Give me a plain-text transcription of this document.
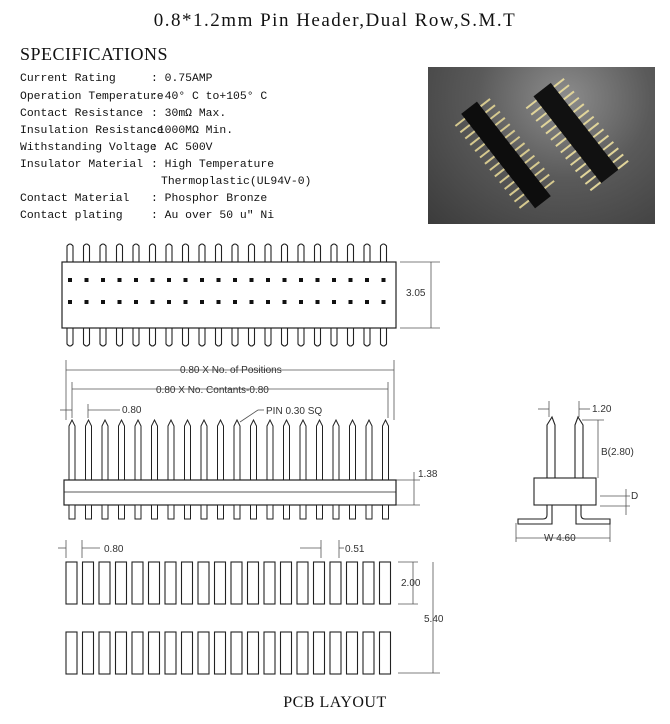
0.8*1.2mm Pin Header,Dual Row,S.M.T
SPECIFICATIONS
Current Rating	: 0.75AMP
Operation Temperature
:-40° C to+105° C
Contact Resistance : 30mΩ Max.
Insulation Resistance
:1000MΩ Min.
Withstanding Voltage
: AC 500V
Insulator Material : High Temperature
Thermoplastic(UL94V-0)
Contact Material : Phosphor Bronze
Contact plating : Au over 50 u" Ni
3.05
0.80 X No. of Positions
0.80 X No. Contants-0.80
0.80	PIN 0.30 SQ
1.38
1.20
B(2.80)
D
W 4.60
0.80	0.51
2.00
5.40
PCB LAYOUT
